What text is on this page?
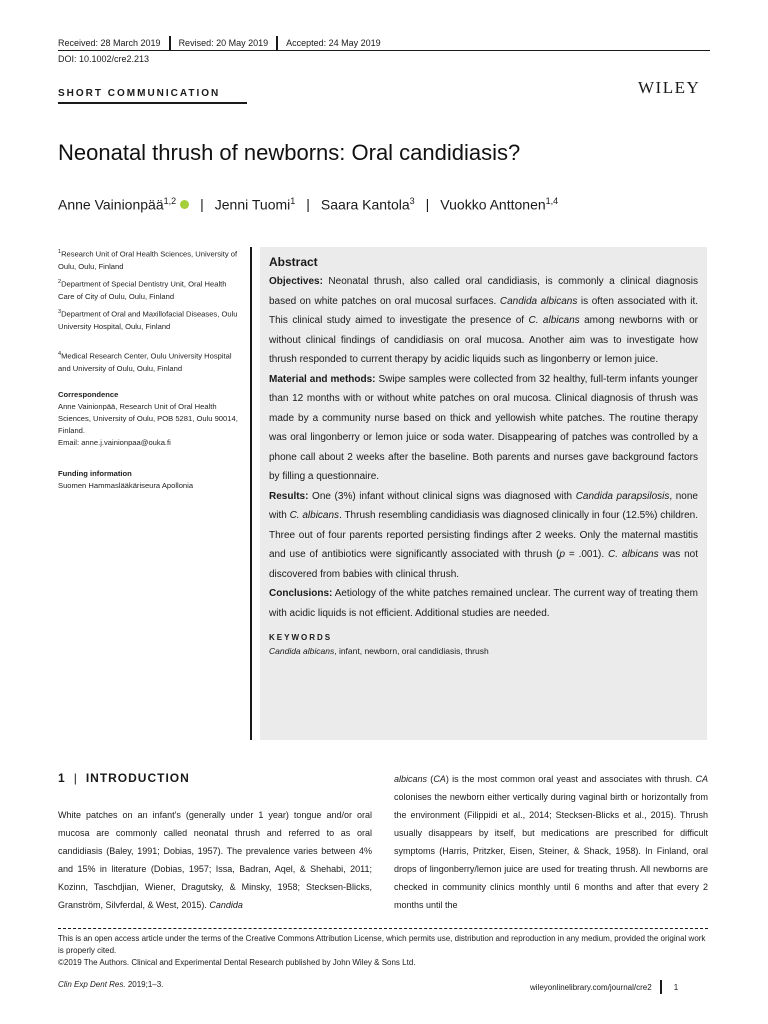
Received: 28 March 2019 Revised: 20 May 2019 Accepted: 24 May 2019
DOI: 10.1002/cre2.213
WILEY
SHORT COMMUNICATION
Neonatal thrush of newborns: Oral candidiasis?
Anne Vainionpää$^{1,2}$ | Jenni Tuomi$^1$ | Saara Kantola$^3$ | Vuokko Anttonen$^{1,4}$
$^1$Research Unit of Oral Health Sciences, University of Oulu, Oulu, Finland
$^2$Department of Special Dentistry Unit, Oral Health Care of City of Oulu, Oulu, Finland
$^3$Department of Oral and Maxillofacial Diseases, Oulu University Hospital, Oulu, Finland
$^4$Medical Research Center, Oulu University Hospital and University of Oulu, Oulu, Finland
Correspondence
Anne Vainionpää, Research Unit of Oral Health Sciences, University of Oulu, POB 5281, Oulu 90014, Finland.
Email: anne.j.vainionpaa@ouka.fi
Funding information
Suomen Hammaslääkäriseura Apollonia
Abstract

Objectives: Neonatal thrush, also called oral candidiasis, is commonly a clinical diagnosis based on white patches on oral mucosal surfaces. Candida albicans is often associated with it. This clinical study aimed to investigate the presence of C. albicans among newborns with or without clinical findings of candidiasis on oral mucosa. Another aim was to investigate how thrush responded to current therapy by acidic liquids such as lingonberry or lemon juice.

Material and methods: Swipe samples were collected from 32 healthy, full-term infants younger than 12 months with or without white patches on oral mucosa. Clinical diagnosis of thrush was made by a community nurse based on thick and yellowish white patches. The routine therapy was oral lingonberry or lemon juice or soda water. Disappearing of patches was controlled by a phone call about 2 weeks after the baseline. Both parents and nurses gave background factors by filling a questionnaire.

Results: One (3%) infant without clinical signs was diagnosed with Candida parapsilosis, none with C. albicans. Thrush resembling candidiasis was diagnosed clinically in four (12.5%) children. Three out of four parents reported persisting findings after 2 weeks. Only the maternal mastitis and use of antibiotics were significantly associated with thrush (p = .001). C. albicans was not discovered from babies with clinical thrush.

Conclusions: Aetiology of the white patches remained unclear. The current way of treating them with acidic liquids is not efficient. Additional studies are needed.

KEYWORDS
Candida albicans, infant, newborn, oral candidiasis, thrush
1 | INTRODUCTION
White patches on an infant's (generally under 1 year) tongue and/or oral mucosa are commonly called neonatal thrush and referred to as oral candidiasis (Baley, 1991; Dobias, 1957). The prevalence varies between 4% and 15% in literature (Dobias, 1957; Issa, Badran, Aqel, & Shehabi, 2011; Kozinn, Taschdjian, Wiener, Dragutsky, & Minsky, 1958; Stecksen-Blicks, Granström, Silvferdal, & West, 2015). Candida
albicans (CA) is the most common oral yeast and associates with thrush. CA colonises the newborn either vertically during vaginal birth or horizontally from the environment (Filippidi et al., 2014; Stecksen-Blicks et al., 2015). Thrush usually disappears by itself, but medications are prescribed for difficult symptoms (Harris, Pritzker, Eisen, Steiner, & Shack, 1958). In Finland, oral drops of lingonberry/lemon juice are used for treating thrush. All newborns are checked in community clinics monthly until 6 months and after that every 2 months until the
This is an open access article under the terms of the Creative Commons Attribution License, which permits use, distribution and reproduction in any medium, provided the original work is properly cited.
©2019 The Authors. Clinical and Experimental Dental Research published by John Wiley & Sons Ltd.
Clin Exp Dent Res. 2019;1–3.	wileyonlinelibrary.com/journal/cre2	1
